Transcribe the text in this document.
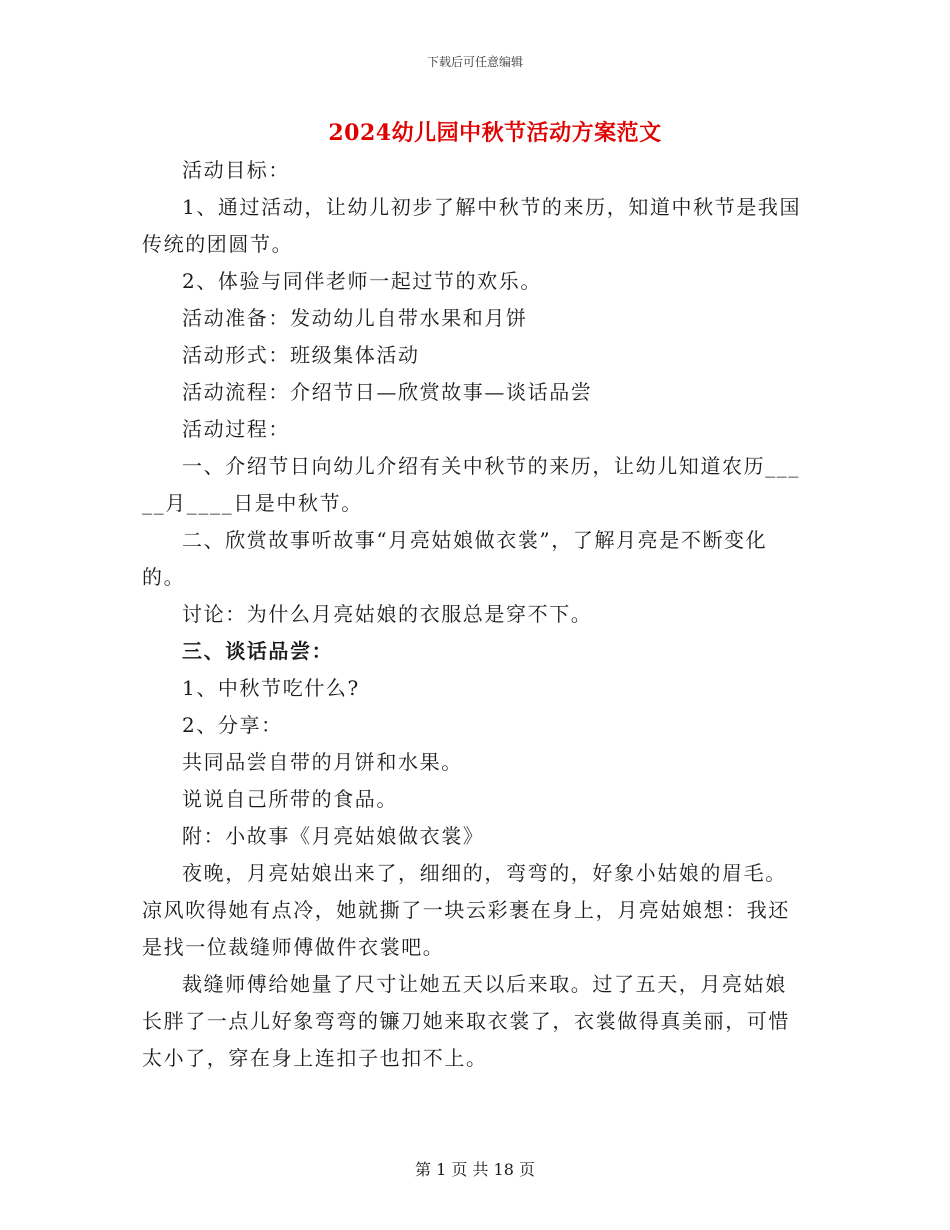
下载后可任意编辑
2024幼儿园中秋节活动方案范文

活动目标：

1、通过活动，让幼儿初步了解中秋节的来历，知道中秋节是我国传统的团圆节。

2、体验与同伴老师一起过节的欢乐。

活动准备：发动幼儿自带水果和月饼

活动形式：班级集体活动

活动流程：介绍节日—欣赏故事—谈话品尝

活动过程：

一、介绍节日向幼儿介绍有关中秋节的来历，让幼儿知道农历_____月____日是中秋节。

二、欣赏故事听故事“月亮姑娘做衣裳”，了解月亮是不断变化的。

讨论：为什么月亮姑娘的衣服总是穿不下。

三、谈话品尝：

1、中秋节吃什么?

2、分享：

共同品尝自带的月饼和水果。

说说自己所带的食品。

附：小故事《月亮姑娘做衣裳》

夜晚，月亮姑娘出来了，细细的，弯弯的，好象小姑娘的眉毛。凉风吹得她有点冷，她就撕了一块云彩裹在身上，月亮姑娘想：我还是找一位裁缝师傅做件衣裳吧。

裁缝师傅给她量了尺寸让她五天以后来取。过了五天，月亮姑娘长胖了一点儿好象弯弯的镰刀她来取衣裳了，衣裳做得真美丽，可惜太小了，穿在身上连扣子也扣不上。

第 1 页 共 18 页
